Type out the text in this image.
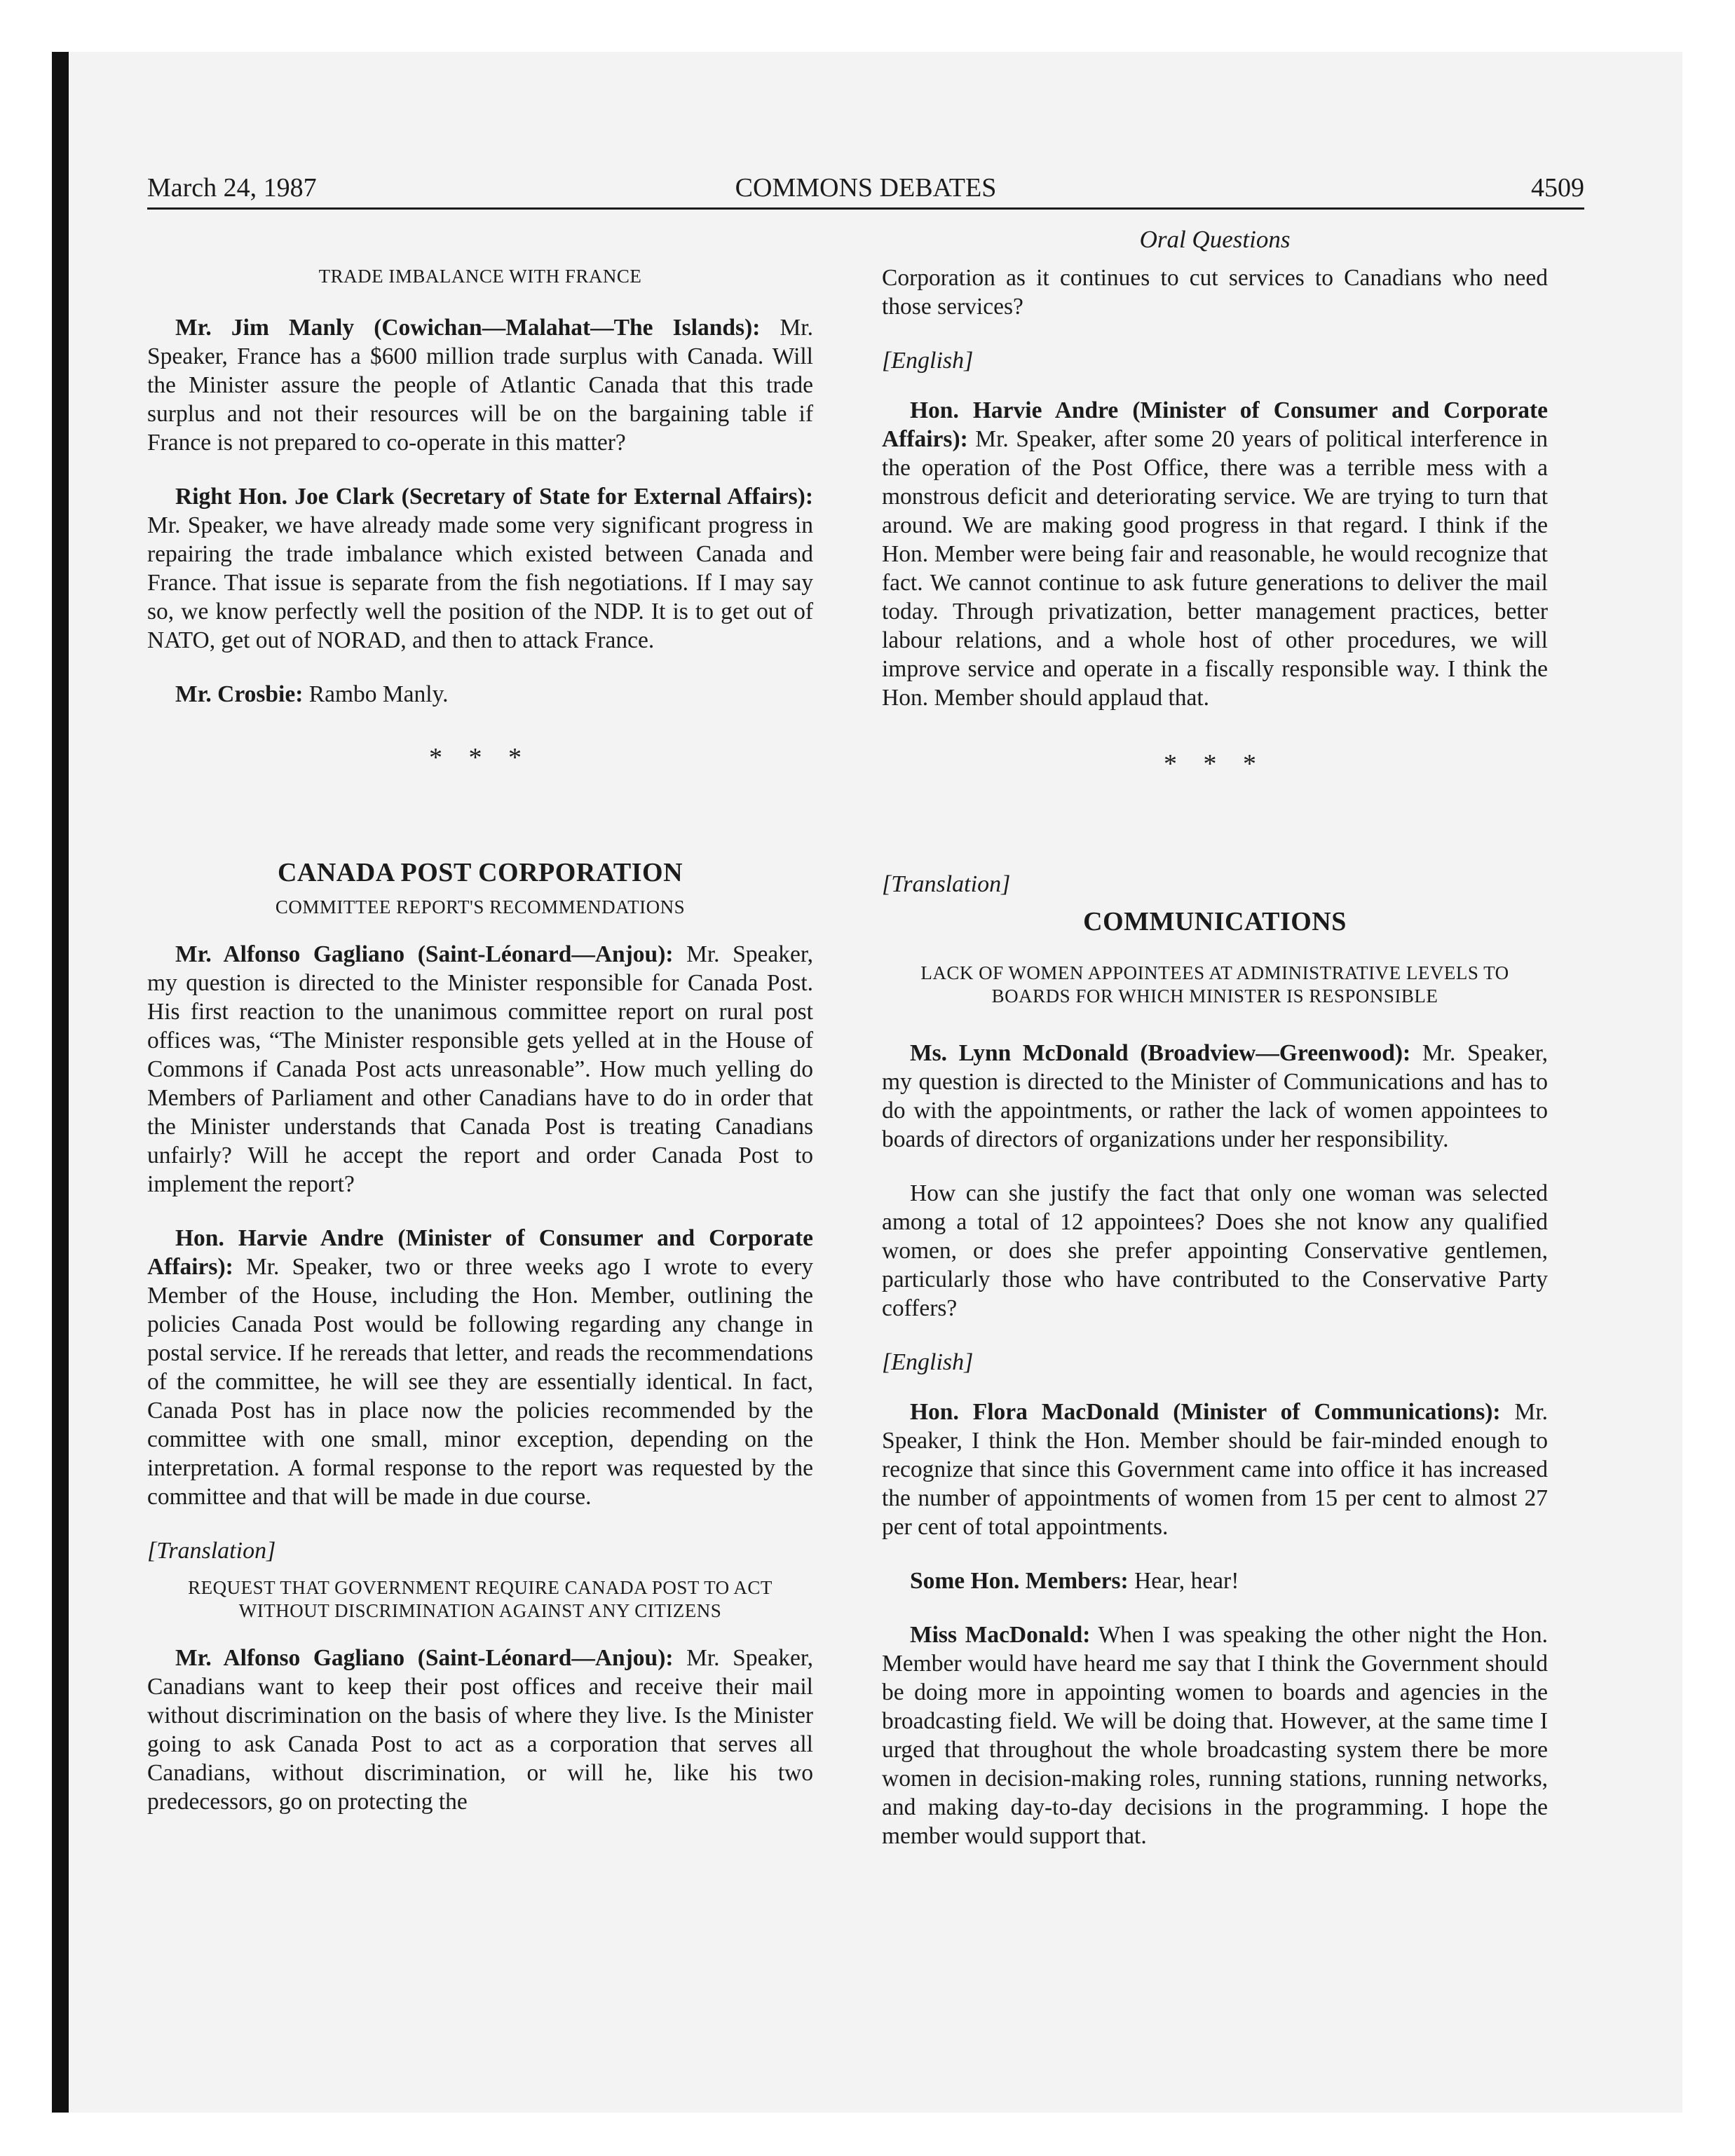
March 24, 1987	COMMONS DEBATES	4509
TRADE IMBALANCE WITH FRANCE

Mr. Jim Manly (Cowichan—Malahat—The Islands): Mr. Speaker, France has a $600 million trade surplus with Canada. Will the Minister assure the people of Atlantic Canada that this trade surplus and not their resources will be on the bargaining table if France is not prepared to co-operate in this matter?

Right Hon. Joe Clark (Secretary of State for External Affairs): Mr. Speaker, we have already made some very significant progress in repairing the trade imbalance which existed between Canada and France. That issue is separate from the fish negotiations. If I may say so, we know perfectly well the position of the NDP. It is to get out of NATO, get out of NORAD, and then to attack France.

Mr. Crosbie: Rambo Manly.

* * *
CANADA POST CORPORATION
COMMITTEE REPORT'S RECOMMENDATIONS

Mr. Alfonso Gagliano (Saint-Léonard—Anjou): Mr. Speaker, my question is directed to the Minister responsible for Canada Post. His first reaction to the unanimous committee report on rural post offices was, “The Minister responsible gets yelled at in the House of Commons if Canada Post acts unreasonable”. How much yelling do Members of Parliament and other Canadians have to do in order that the Minister understands that Canada Post is treating Canadians unfairly? Will he accept the report and order Canada Post to implement the report?

Hon. Harvie Andre (Minister of Consumer and Corporate Affairs): Mr. Speaker, two or three weeks ago I wrote to every Member of the House, including the Hon. Member, outlining the policies Canada Post would be following regarding any change in postal service. If he rereads that letter, and reads the recommendations of the committee, he will see they are essentially identical. In fact, Canada Post has in place now the policies recommended by the committee with one small, minor exception, depending on the interpretation. A formal response to the report was requested by the committee and that will be made in due course.

[Translation]
REQUEST THAT GOVERNMENT REQUIRE CANADA POST TO ACT WITHOUT DISCRIMINATION AGAINST ANY CITIZENS

Mr. Alfonso Gagliano (Saint-Léonard—Anjou): Mr. Speaker, Canadians want to keep their post offices and receive their mail without discrimination on the basis of where they live. Is the Minister going to ask Canada Post to act as a corporation that serves all Canadians, without discrimination, or will he, like his two predecessors, go on protecting the

Oral Questions

Corporation as it continues to cut services to Canadians who need those services?

[English]

Hon. Harvie Andre (Minister of Consumer and Corporate Affairs): Mr. Speaker, after some 20 years of political interference in the operation of the Post Office, there was a terrible mess with a monstrous deficit and deteriorating service. We are trying to turn that around. We are making good progress in that regard. I think if the Hon. Member were being fair and reasonable, he would recognize that fact. We cannot continue to ask future generations to deliver the mail today. Through privatization, better management practices, better labour relations, and a whole host of other procedures, we will improve service and operate in a fiscally responsible way. I think the Hon. Member should applaud that.

* * *
[Translation]
COMMUNICATIONS
LACK OF WOMEN APPOINTEES AT ADMINISTRATIVE LEVELS TO BOARDS FOR WHICH MINISTER IS RESPONSIBLE

Ms. Lynn McDonald (Broadview—Greenwood): Mr. Speaker, my question is directed to the Minister of Communications and has to do with the appointments, or rather the lack of women appointees to boards of directors of organizations under her responsibility.

How can she justify the fact that only one woman was selected among a total of 12 appointees? Does she not know any qualified women, or does she prefer appointing Conservative gentlemen, particularly those who have contributed to the Conservative Party coffers?

[English]

Hon. Flora MacDonald (Minister of Communications): Mr. Speaker, I think the Hon. Member should be fair-minded enough to recognize that since this Government came into office it has increased the number of appointments of women from 15 per cent to almost 27 per cent of total appointments.

Some Hon. Members: Hear, hear!

Miss MacDonald: When I was speaking the other night the Hon. Member would have heard me say that I think the Government should be doing more in appointing women to boards and agencies in the broadcasting field. We will be doing that. However, at the same time I urged that throughout the whole broadcasting system there be more women in decision-making roles, running stations, running networks, and making day-to-day decisions in the programming. I hope the member would support that.
